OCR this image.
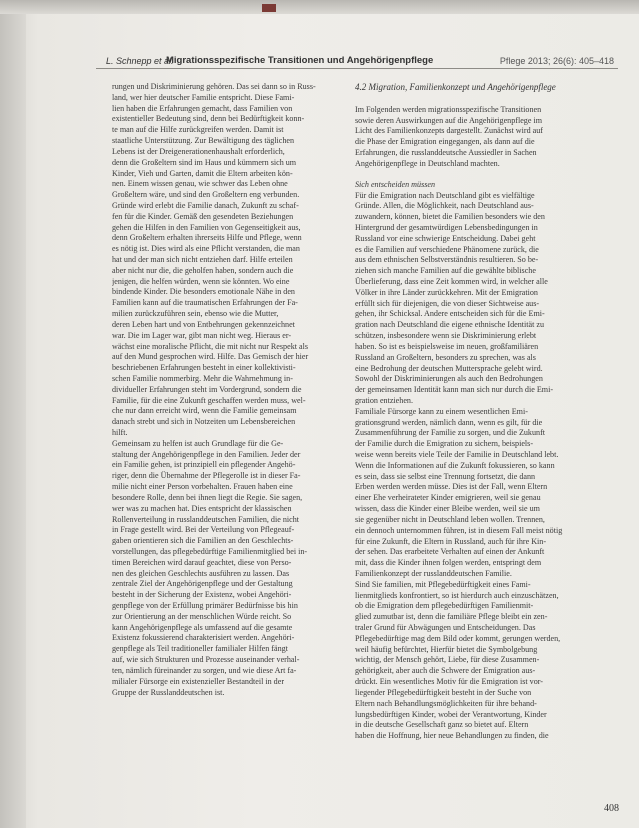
L. Schnepp et al.
Migrationsspezifische Transitionen und Angehörigenpflege	Pflege 2013; 26(6): 405–418
rungen und Diskriminierung gehören. Das sei dann so in Russ-
land, wer hier deutscher Familie entspricht. Diese Fami-
lien haben die Erfahrungen gemacht, dass Familien von
existentieller Bedeutung sind, denn bei Bedürftigkeit konn-
te man auf die Hilfe zurückgreifen werden. Damit ist
staatliche Unterstützung. Zur Bewältigung des täglichen
Lebens ist der Dreigenerationenhaushalt erforderlich,
denn die Großeltern sind im Haus und kümmern sich um
Kinder, Vieh und Garten, damit die Eltern arbeiten kön-
nen. Einem wissen genau, wie schwer das Leben ohne
Großeltern wäre, und sind den Großeltern eng verbunden.
Gründe wird erlebt die Familie danach, Zukunft zu schaf-
fen für die Kinder. Gemäß den gesendeten Beziehungen
gehen die Hilfen in den Familien von Gegenseitigkeit aus,
denn Großeltern erhalten ihrerseits Hilfe und Pflege, wenn
es nötig ist. Dies wird als eine Pflicht verstanden, die man
hat und der man sich nicht entziehen darf. Hilfe erteilen
aber nicht nur die, die geholfen haben, sondern auch die
jenigen, die helfen würden, wenn sie könnten. Wo eine
bindende Kinder. Die besonders emotionale Nähe in den
Familien kann auf die traumatischen Erfahrungen der Fa-
milien zurückzuführen sein, ebenso wie die Mutter,
deren Leben hart und von Entbehrungen gekennzeichnet
war. Die im Lager war, gibt man nicht weg. Hieraus er-
wächst eine moralische Pflicht, die mit nicht nur Respekt als
auf den Mund gesprochen wird. Hilfe. Das Gemisch der hier
beschriebenen Erfahrungen besteht in einer kollektivisti-
schen Familie nommerbirg. Mehr die Wahrnehmung in-
dividueller Erfahrungen steht im Vordergrund, sondern die
Familie, für die eine Zukunft geschaffen werden muss, wel-
che nur dann erreicht wird, wenn die Familie gemeinsam
danach strebt und sich in Notzeiten um Lebensbereichen
hilft.
Gemeinsam zu helfen ist auch Grundlage für die Ge-
staltung der Angehörigenpflege in den Familien. Jeder der
ein Familie gehen, ist prinzipiell ein pflegender Angehö-
riger, denn die Übernahme der Pflegerolle ist in dieser Fa-
milie nicht einer Person vorbehalten. Frauen haben eine
besondere Rolle, denn bei ihnen liegt die Regie. Sie sagen,
wer was zu machen hat. Dies entspricht der klassischen
Rollenverteilung in russlanddeutschen Familien, die nicht
in Frage gestellt wird. Bei der Verteilung von Pflegeauf-
gaben orientieren sich die Familien an den Geschlechts-
vorstellungen, das pflegebedürftige Familienmitglied bei in-
timen Bereichen wird darauf geachtet, diese von Perso-
nen des gleichen Geschlechts ausführen zu lassen. Das
zentrale Ziel der Angehörigenpflege und der Gestaltung
besteht in der Sicherung der Existenz, wobei Angehöri-
genpflege von der Erfüllung primärer Bedürfnisse bis hin
zur Orientierung an der menschlichen Würde reicht. So
kann Angehörigenpflege als umfassend auf die gesamte
Existenz fokussierend charakterisiert werden. Angehöri-
genpflege als Teil traditioneller familialer Hilfen fängt
auf, wie sich Strukturen und Prozesse auseinander verhal-
ten, nämlich füreinander zu sorgen, und wie diese Art fa-
milialer Fürsorge ein existenzieller Bestandteil in der
Gruppe der Russlanddeutschen ist.
4.2 Migration, Familienkonzept und Angehörigenpflege
Im Folgenden werden migrationsspezifische Transitionen
sowie deren Auswirkungen auf die Angehörigenpflege im
Licht des Familienkonzepts dargestellt. Zunächst wird auf
die Phase der Emigration eingegangen, als dann auf die
Erfahrungen, die russlanddeutsche Aussiedler in Sachen
Angehörigenpflege in Deutschland machten.
Sich entscheiden müssen
Für die Emigration nach Deutschland gibt es vielfältige
Gründe. Allen, die Möglichkeit, nach Deutschland aus-
zuwandern, können, bietet die Familien besonders wie den
Hintergrund der gesamtwürdigen Lebensbedingungen in
Russland vor eine schwierige Entscheidung. Dabei geht
es die Familien auf verschiedene Phänomene zurück, die
aus dem ethnischen Selbstverständnis resultieren. So be-
ziehen sich manche Familien auf die gewählte biblische
Überlieferung, dass eine Zeit kommen wird, in welcher alle
Völker in ihre Länder zurückkehren. Mit der Emigration
erfüllt sich für diejenigen, die von dieser Sichtweise aus-
gehen, ihr Schicksal. Andere entscheiden sich für die Emi-
gration nach Deutschland die eigene ethnische Identität zu
schützen, insbesondere wenn sie Diskriminierung erlebt
haben. So ist es beispielsweise im neuen, großfamiliären
Russland an Großeltern, besonders zu sprechen, was als
eine Bedrohung der deutschen Muttersprache gelebt wird.
Sowohl der Diskriminierungen als auch den Bedrohungen
der gemeinsamen Identität kann man sich nur durch die Emi-
gration entziehen.
Familiale Fürsorge kann zu einem wesentlichen Emi-
grationsgrund werden, nämlich dann, wenn es gilt, für die
Zusammenführung der Familie zu sorgen, und die Zukunft
der Familie durch die Emigration zu sichern, beispiels-
weise wenn bereits viele Teile der Familie in Deutschland lebt.
Wenn die Informationen auf die Zukunft fokussieren, so kann
es sein, dass sie selbst eine Trennung fortsetzt, die dann
Erben werden werden müsse. Dies ist der Fall, wenn Eltern
einer Ehe verheirateter Kinder emigrieren, weil sie genau
wissen, dass die Kinder einer Bleibe werden, weil sie um
sie gegenüber nicht in Deutschland leben wollen. Trennen,
ein dennoch unternommen führen, ist in diesem Fall meist nötig
für eine Zukunft, die Eltern in Russland, auch für ihre Kin-
der sehen. Das erarbeitete Verhalten auf einen der Ankunft
mit, dass die Kinder ihnen folgen werden, entspringt dem
Familienkonzept der russlanddeutschen Familie.
Sind Sie familien, mit Pflegebedürftigkeit eines Fami-
lienmitglieds konfrontiert, so ist hierdurch auch einzuschätzen,
ob die Emigration dem pflegebedürftigen Familienmit-
glied zumutbar ist, denn die familiäre Pflege bleibt ein zen-
traler Grund für Abwägungen und Entscheidungen. Das
Pflegebedürftige mag dem Bild oder kommt, gerungen werden,
weil häufig befürchtet, Hierfür bietet die Symbolgebung
wichtig, der Mensch gehört, Liebe, für diese Zusammen-
gehörigkeit, aber auch die Schwere der Emigration aus-
drückt. Ein wesentliches Motiv für die Emigration ist vor-
liegender Pflegebedürftigkeit besteht in der Suche von
Eltern nach Behandlungsmöglichkeiten für ihre behand-
lungsbedürftigen Kinder, wobei der Verantwortung, Kinder
in die deutsche Gesellschaft ganz so bietet auf. Eltern
haben die Hoffnung, hier neue Behandlungen zu finden, die
408
